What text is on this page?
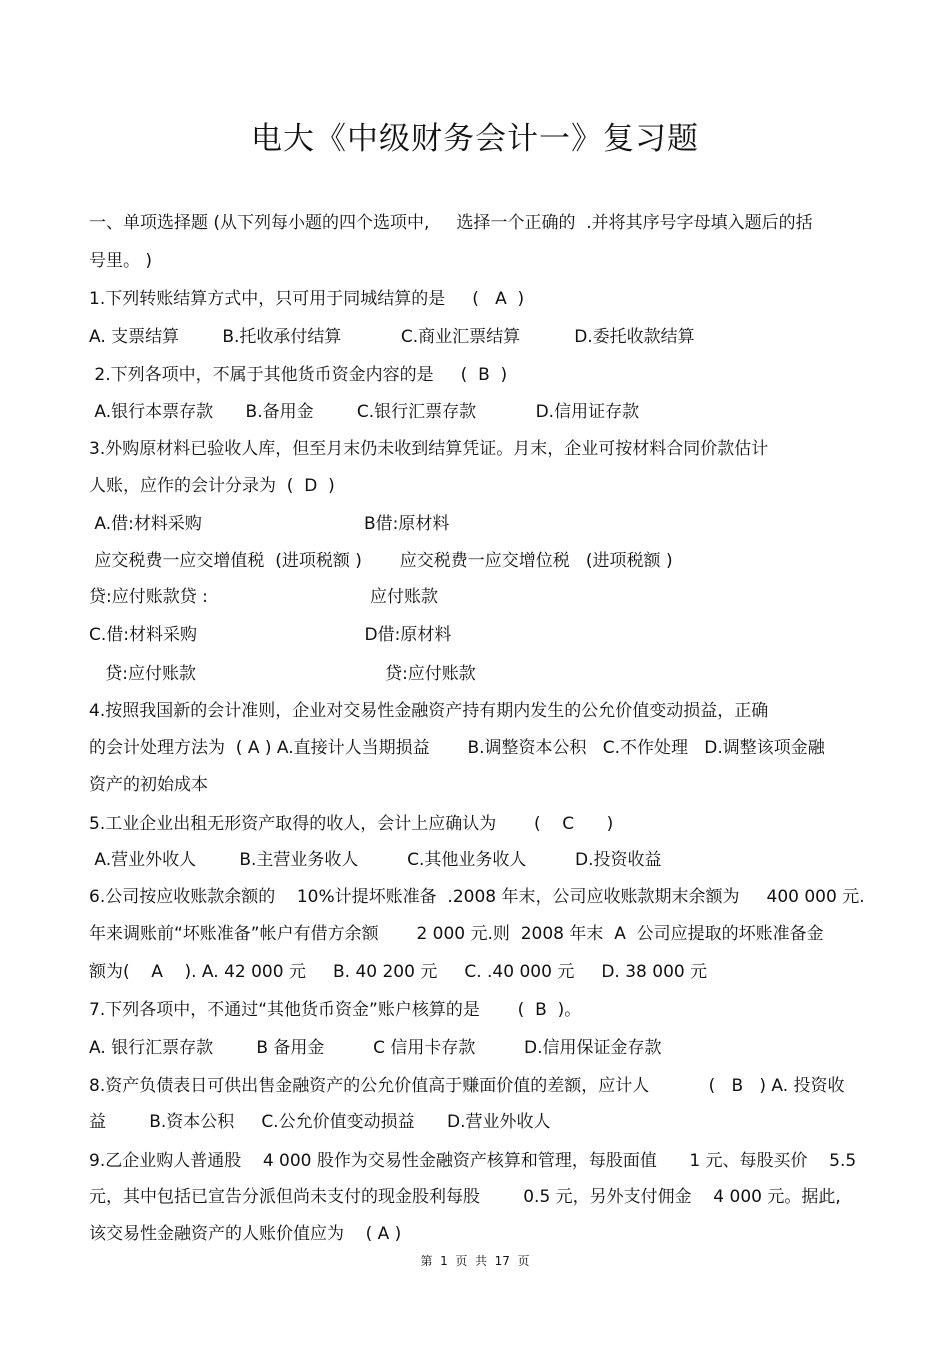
电大《中级财务会计一》复习题
一、单项选择题 (从下列每小题的四个选项中,     选择一个正确的  .并将其序号字母填入题后的括
号里。 )
1.下列转账结算方式中，只可用于同城结算的是     (   A  )
A. 支票结算        B.托收承付结算           C.商业汇票结算          D.委托收款结算
2.下列各项中，不属于其他货币资金内容的是     (  B  )
A.银行本票存款      B.备用金        C.银行汇票存款           D.信用证存款
3.外购原材料已验收人库，但至月末仍未收到结算凭证。月末，企业可按材料合同价款估计
人账，应作的会计分录为  (  D  )
A.借:材料采购                              B借:原材料
应交税费一应交增值税  (进项税额 )       应交税费一应交增位税   (进项税额 )
贷:应付账款贷 :                              应付账款
C.借:材料采购                               D借:原材料
贷:应付账款                                   贷:应付账款
4.按照我国新的会计准则，企业对交易性金融资产持有期内发生的公允价值变动损益，正确
的会计处理方法为  ( A ) A.直接计人当期损益       B.调整资本公积   C.不作处理   D.调整该项金融
资产的初始成本
5.工业企业出租无形资产取得的收人，会计上应确认为       (    C      )
A.营业外收人        B.主营业务收人         C.其他业务收人         D.投资收益
6.公司按应收账款余额的    10%计提坏账准备  .2008 年末，公司应收账款期末余额为     400 000 元.
年来调账前“坏账准备”帐户有借方余额       2 000 元.则  2008 年末  A  公司应提取的坏账准备金
额为(    A    ). A. 42 000 元     B. 40 200 元     C. .40 000 元     D. 38 000 元
7.下列各项中，不通过“其他货币资金”账户核算的是       (  B  )。
A. 银行汇票存款        B 备用金         C 信用卡存款         D.信用保证金存款
8.资产负债表日可供出售金融资产的公允价值高于赚面价值的差额，应计人           (   B   ) A. 投资收
益        B.资本公积     C.公允价值变动损益      D.营业外收人
9.乙企业购人普通股    4 000 股作为交易性金融资产核算和管理，每股面值      1 元、每股买价    5.5
元，其中包括已宣告分派但尚未支付的现金股利每股        0.5 元，另外支付佣金    4 000 元。据此,
该交易性金融资产的人账价值应为    ( A )
第  1  页  共  17  页
